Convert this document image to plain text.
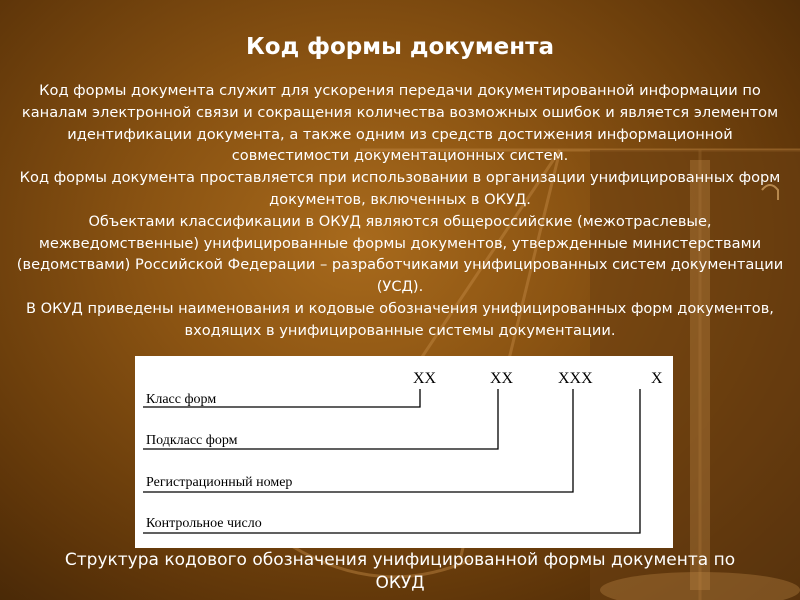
Код формы документа

Код формы документа служит для ускорения передачи документированной информации по каналам электронной связи и сокращения количества возможных ошибок и является элементом идентификации документа, а также одним из средств достижения информационной совместимости документационных систем.

Код формы документа проставляется при использовании в организации унифицированных форм документов, включенных в ОКУД.

Объектами классификации в ОКУД являются общероссийские (межотраслевые, межведомственные) унифицированные формы документов, утвержденные министерствами (ведомствами) Российской Федерации – разработчиками унифицированных систем документации (УСД).

В ОКУД приведены наименования и кодовые обозначения унифицированных форм документов, входящих в унифицированные системы документации.

XX	XX	XXX	X
Класс форм
Подкласс форм
Регистрационный номер
Контрольное число

Структура кодового обозначения унифицированной формы документа по ОКУД
